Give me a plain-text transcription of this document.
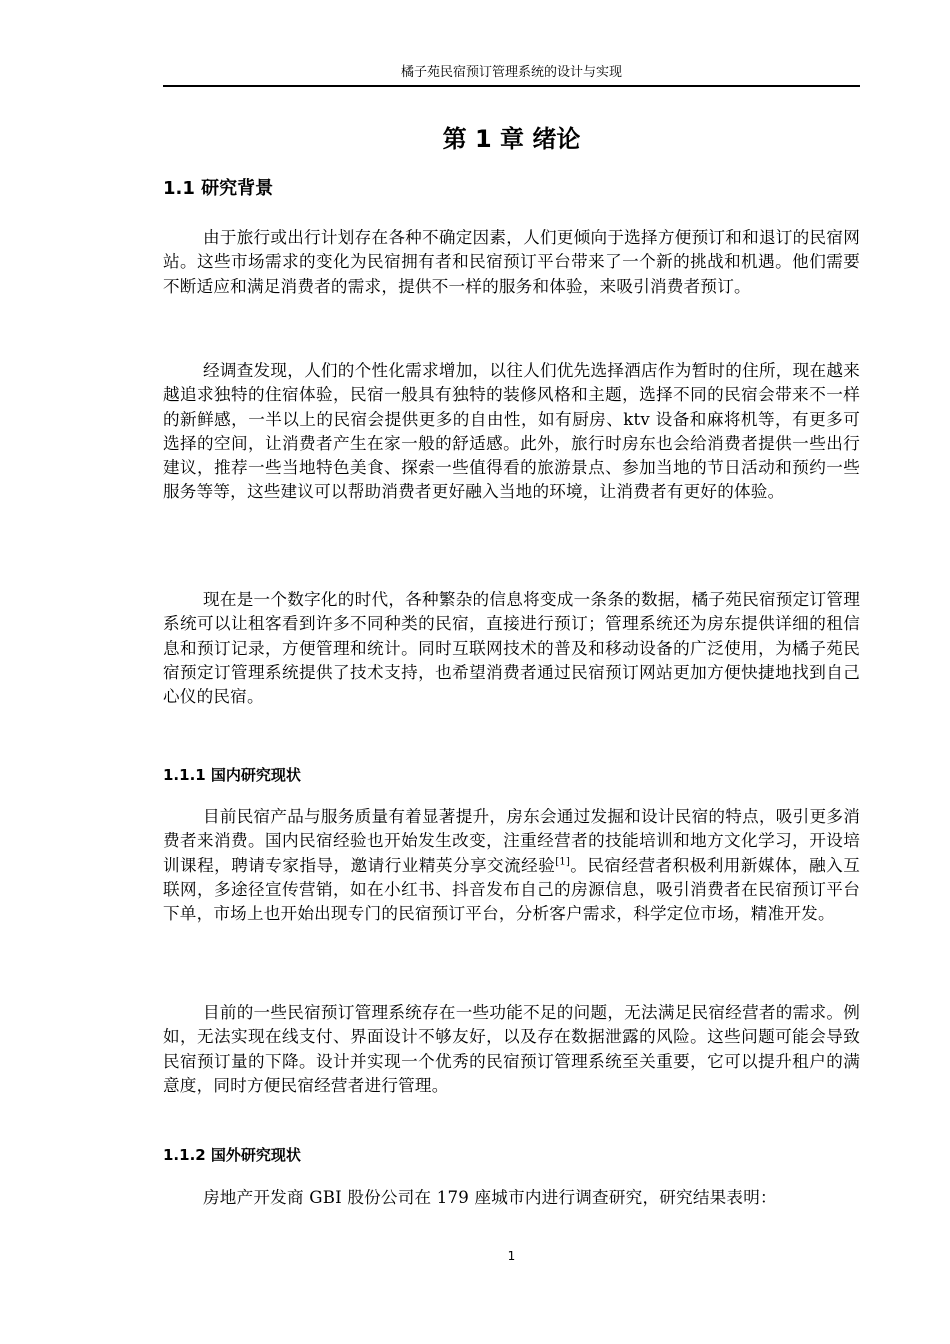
橘子苑民宿预订管理系统的设计与实现
第 1 章 绪论
1.1 研究背景

由于旅行或出行计划存在各种不确定因素，人们更倾向于选择方便预订和和退订的民宿网站。这些市场需求的变化为民宿拥有者和民宿预订平台带来了一个新的挑战和机遇。他们需要不断适应和满足消费者的需求，提供不一样的服务和体验，来吸引消费者预订。

经调查发现，人们的个性化需求增加，以往人们优先选择酒店作为暂时的住所，现在越来越追求独特的住宿体验，民宿一般具有独特的装修风格和主题，选择不同的民宿会带来不一样的新鲜感，一半以上的民宿会提供更多的自由性，如有厨房、ktv 设备和麻将机等，有更多可选择的空间，让消费者产生在家一般的舒适感。此外，旅行时房东也会给消费者提供一些出行建议，推荐一些当地特色美食、探索一些值得看的旅游景点、参加当地的节日活动和预约一些服务等等，这些建议可以帮助消费者更好融入当地的环境，让消费者有更好的体验。

现在是一个数字化的时代，各种繁杂的信息将变成一条条的数据，橘子苑民宿预定订管理系统可以让租客看到许多不同种类的民宿，直接进行预订；管理系统还为房东提供详细的租信息和预订记录，方便管理和统计。同时互联网技术的普及和移动设备的广泛使用，为橘子苑民宿预定订管理系统提供了技术支持，也希望消费者通过民宿预订网站更加方便快捷地找到自己心仪的民宿。

1.1.1 国内研究现状

目前民宿产品与服务质量有着显著提升，房东会通过发掘和设计民宿的特点，吸引更多消费者来消费。国内民宿经验也开始发生改变，注重经营者的技能培训和地方文化学习，开设培训课程，聘请专家指导，邀请行业精英分享交流经验[1]。民宿经营者积极利用新媒体，融入互联网，多途径宣传营销，如在小红书、抖音发布自己的房源信息，吸引消费者在民宿预订平台下单，市场上也开始出现专门的民宿预订平台，分析客户需求，科学定位市场，精准开发。

目前的一些民宿预订管理系统存在一些功能不足的问题，无法满足民宿经营者的需求。例如，无法实现在线支付、界面设计不够友好，以及存在数据泄露的风险。这些问题可能会导致民宿预订量的下降。设计并实现一个优秀的民宿预订管理系统至关重要，它可以提升租户的满意度，同时方便民宿经营者进行管理。

1.1.2 国外研究现状

房地产开发商 GBI 股份公司在 179 座城市内进行调查研究，研究结果表明：

1
